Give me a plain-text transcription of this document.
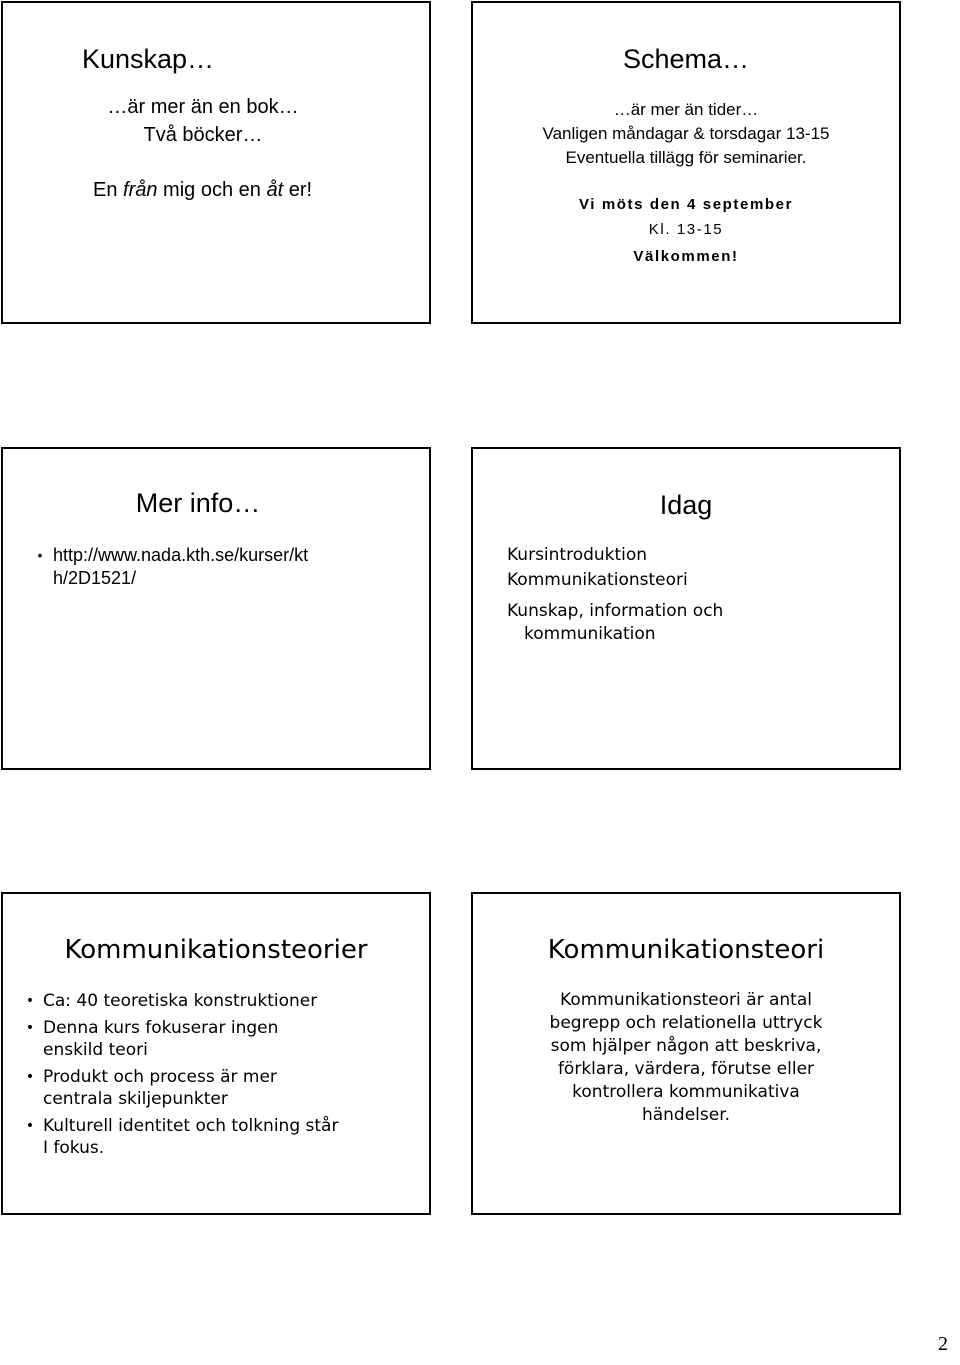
Kunskap…
…är mer än en bok…
Två böcker…
En från mig och en åt er!
Schema…
…är mer än tider…
Vanligen måndagar & torsdagar 13-15
Eventuella tillägg för seminarier.
Vi möts den 4 september
Kl. 13-15
Välkommen!
Mer info…
• http://www.nada.kth.se/kurser/kt
h/2D1521/
Idag
Kursintroduktion
Kommunikationsteori
Kunskap, information och
kommunikation
Kommunikationsteorier
• Ca: 40 teoretiska konstruktioner
• Denna kurs fokuserar ingen
enskild teori
• Produkt och process är mer
centrala skiljepunkter
• Kulturell identitet och tolkning står
I fokus.
Kommunikationsteori
Kommunikationsteori är antal
begrepp och relationella uttryck
som hjälper någon att beskriva,
förklara, värdera, förutse eller
kontrollera kommunikativa
händelser.
2
